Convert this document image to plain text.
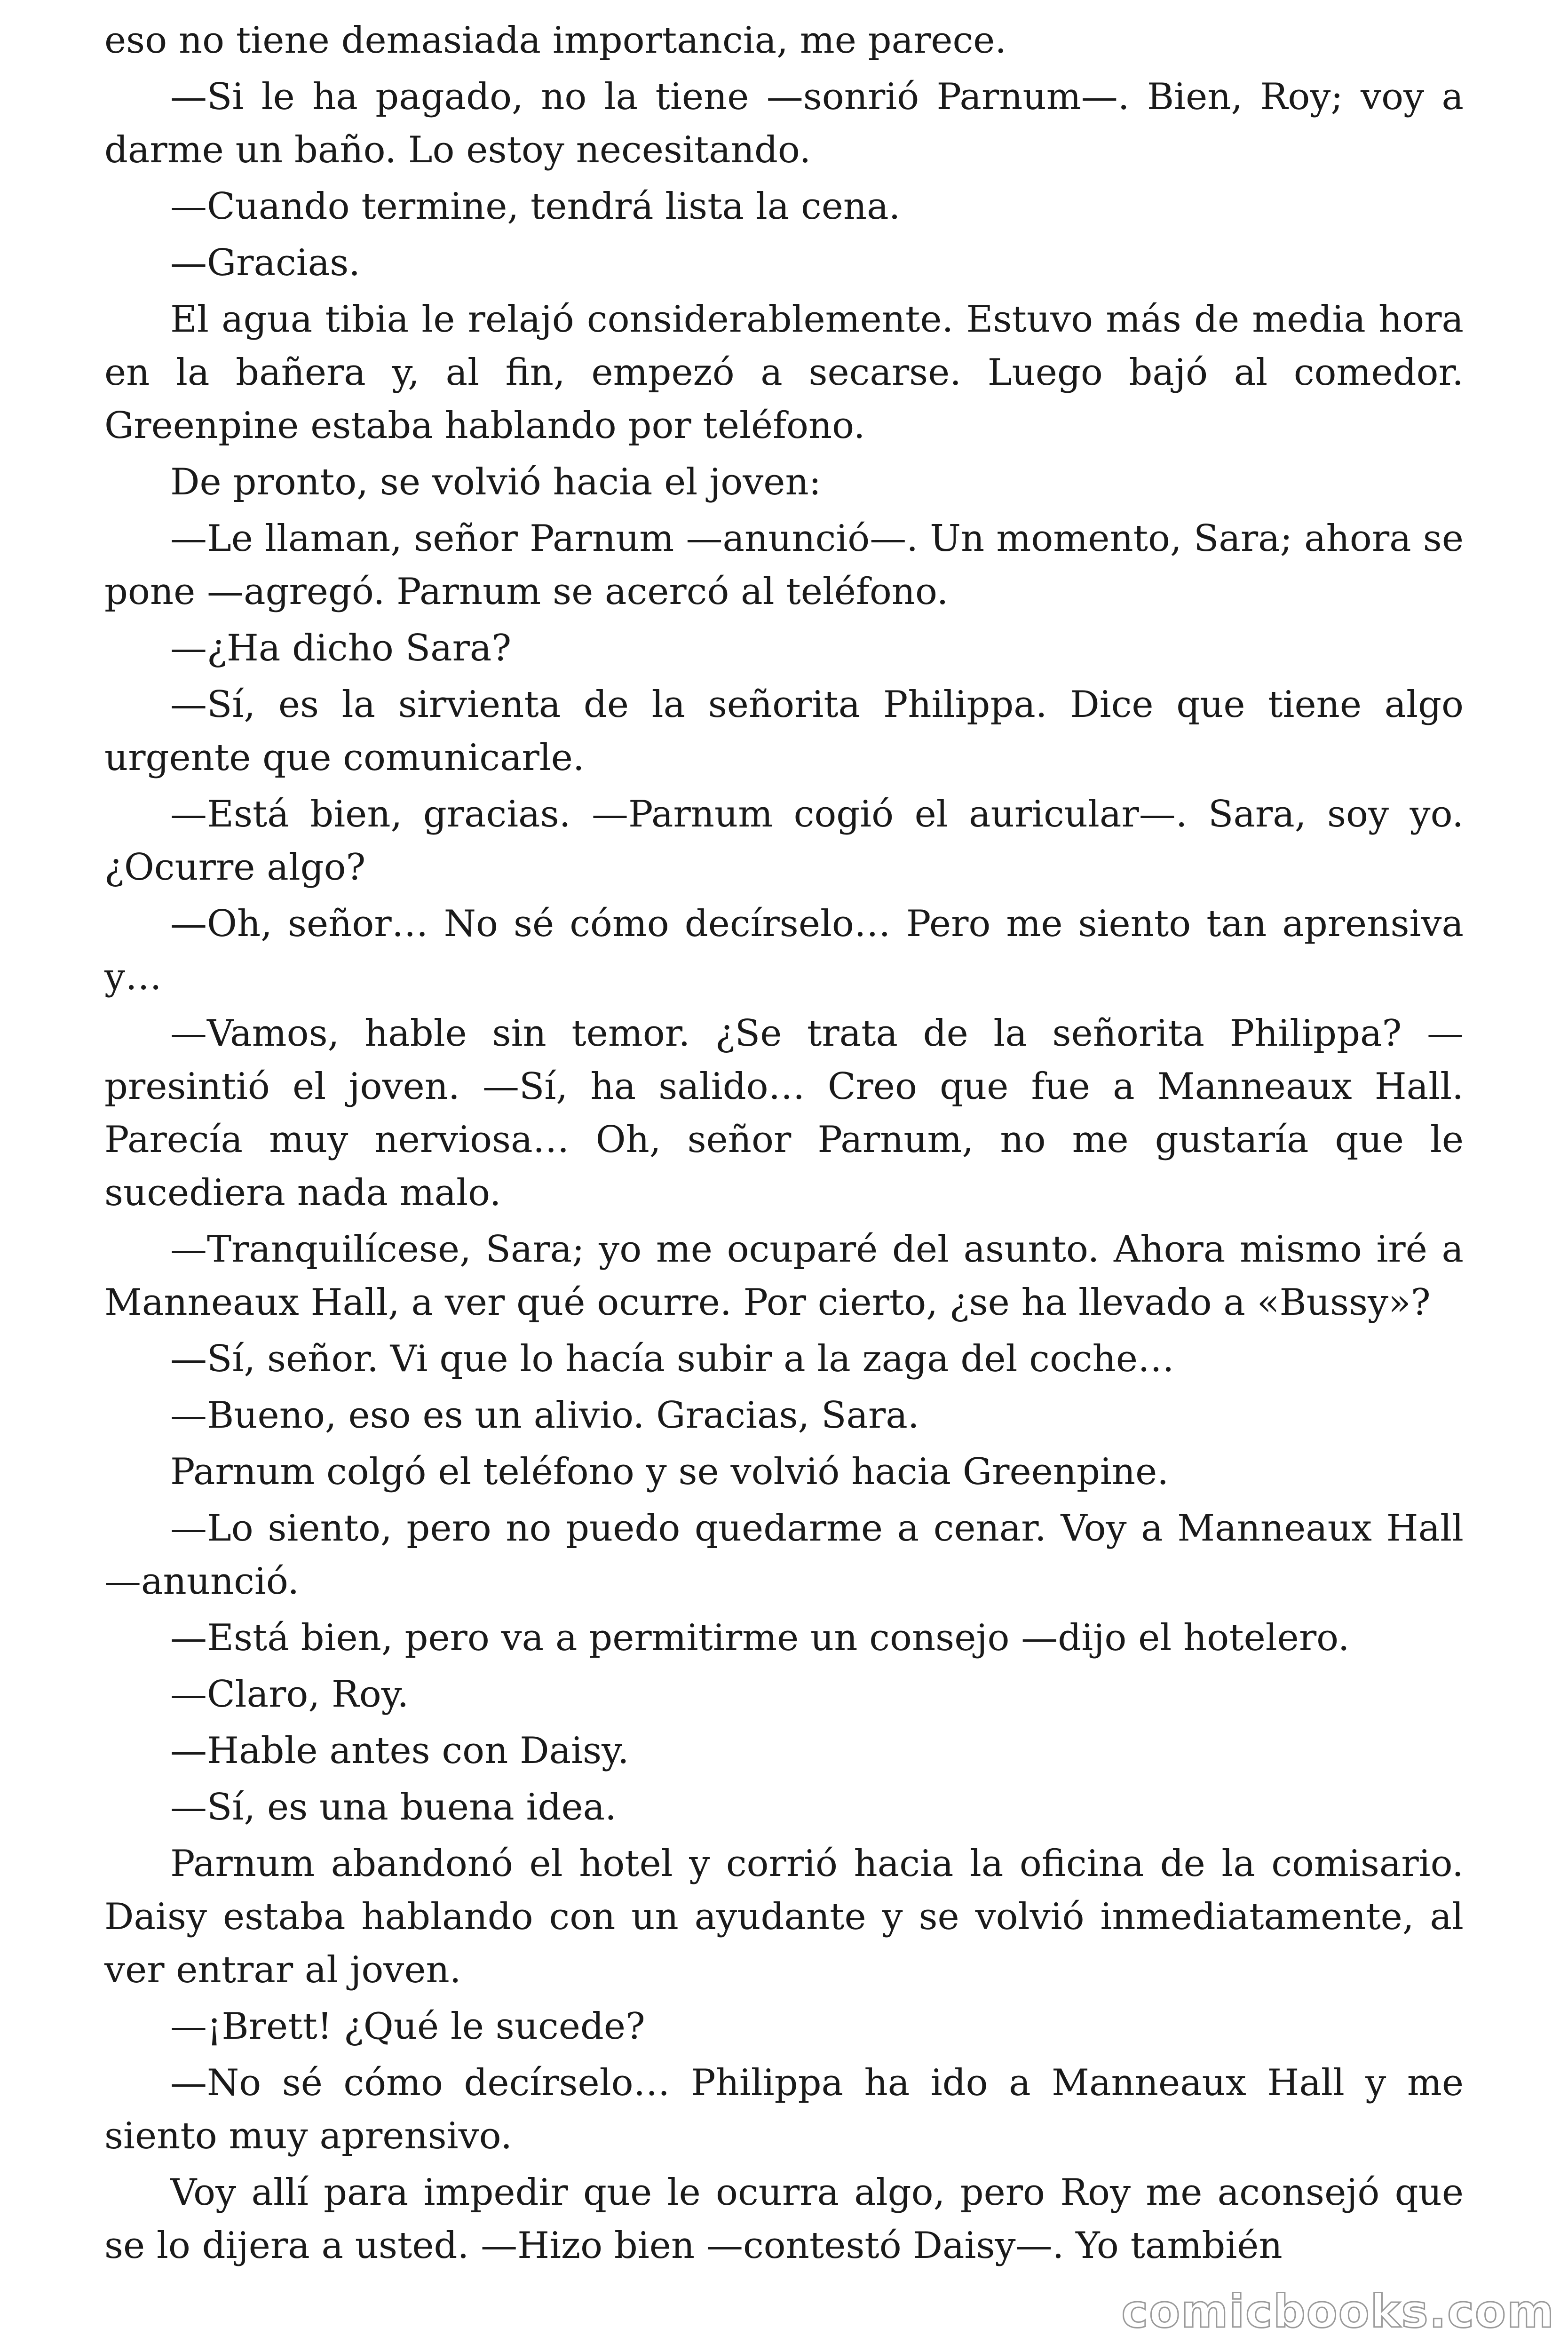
eso no tiene demasiada importancia, me parece.

—Si le ha pagado, no la tiene —sonrió Parnum—. Bien, Roy; voy a darme un baño. Lo estoy necesitando.

—Cuando termine, tendrá lista la cena.

—Gracias.

El agua tibia le relajó considerablemente. Estuvo más de media hora en la bañera y, al fin, empezó a secarse. Luego bajó al comedor. Greenpine estaba hablando por teléfono.

De pronto, se volvió hacia el joven:

—Le llaman, señor Parnum —anunció—. Un momento, Sara; ahora se pone —agregó. Parnum se acercó al teléfono.

—¿Ha dicho Sara?

—Sí, es la sirvienta de la señorita Philippa. Dice que tiene algo urgente que comunicarle.

—Está bien, gracias. —Parnum cogió el auricular—. Sara, soy yo. ¿Ocurre algo?

—Oh, señor… No sé cómo decírselo… Pero me siento tan aprensiva y…

—Vamos, hable sin temor. ¿Se trata de la señorita Philippa? —presintió el joven. —Sí, ha salido… Creo que fue a Manneaux Hall. Parecía muy nerviosa… Oh, señor Parnum, no me gustaría que le sucediera nada malo.

—Tranquilícese, Sara; yo me ocuparé del asunto. Ahora mismo iré a Manneaux Hall, a ver qué ocurre. Por cierto, ¿se ha llevado a «Bussy»?

—Sí, señor. Vi que lo hacía subir a la zaga del coche…

—Bueno, eso es un alivio. Gracias, Sara.

Parnum colgó el teléfono y se volvió hacia Greenpine.

—Lo siento, pero no puedo quedarme a cenar. Voy a Manneaux Hall —anunció.

—Está bien, pero va a permitirme un consejo —dijo el hotelero.

—Claro, Roy.

—Hable antes con Daisy.

—Sí, es una buena idea.

Parnum abandonó el hotel y corrió hacia la oficina de la comisario. Daisy estaba hablando con un ayudante y se volvió inmediatamente, al ver entrar al joven.

—¡Brett! ¿Qué le sucede?

—No sé cómo decírselo… Philippa ha ido a Manneaux Hall y me siento muy aprensivo.

Voy allí para impedir que le ocurra algo, pero Roy me aconsejó que se lo dijera a usted. —Hizo bien —contestó Daisy—. Yo también

comicbooks.com
